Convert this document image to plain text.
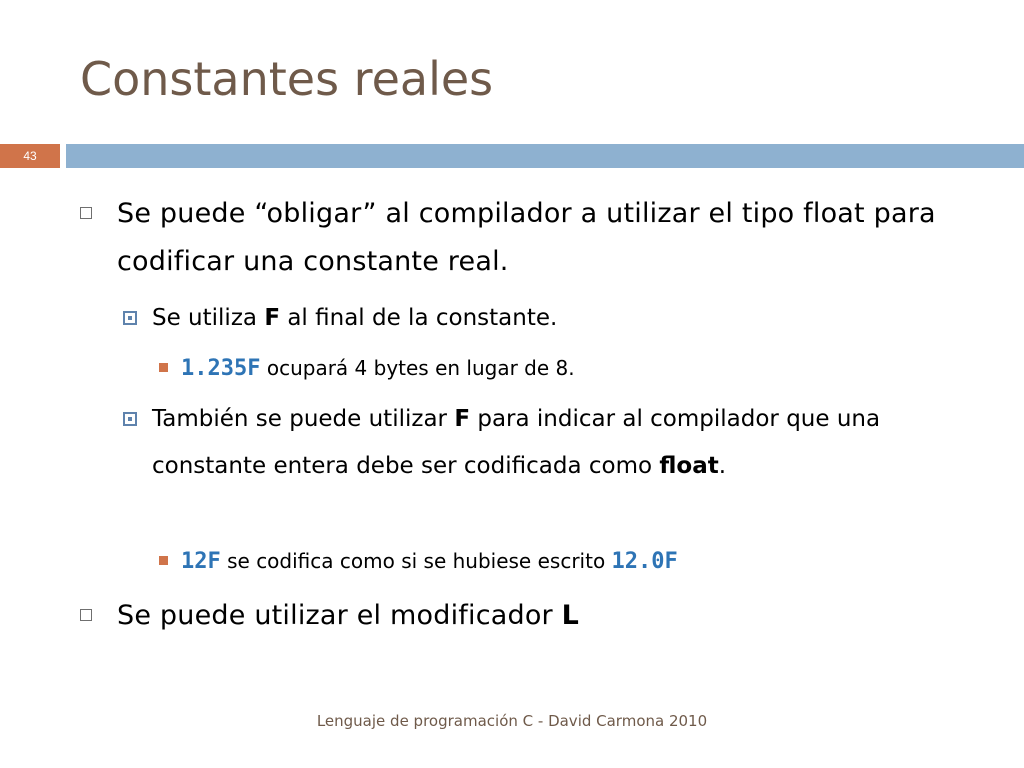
Constantes reales
43
Se puede “obligar” al compilador a utilizar el tipo float para codificar una constante real.
Se utiliza F al final de la constante.
1.235F ocupará 4 bytes en lugar de 8.
También se puede utilizar F para indicar al compilador que una constante entera debe ser codificada como float.
12F se codifica como si se hubiese escrito 12.0F
Se puede utilizar el modificador L
Lenguaje de programación C - David Carmona 2010
